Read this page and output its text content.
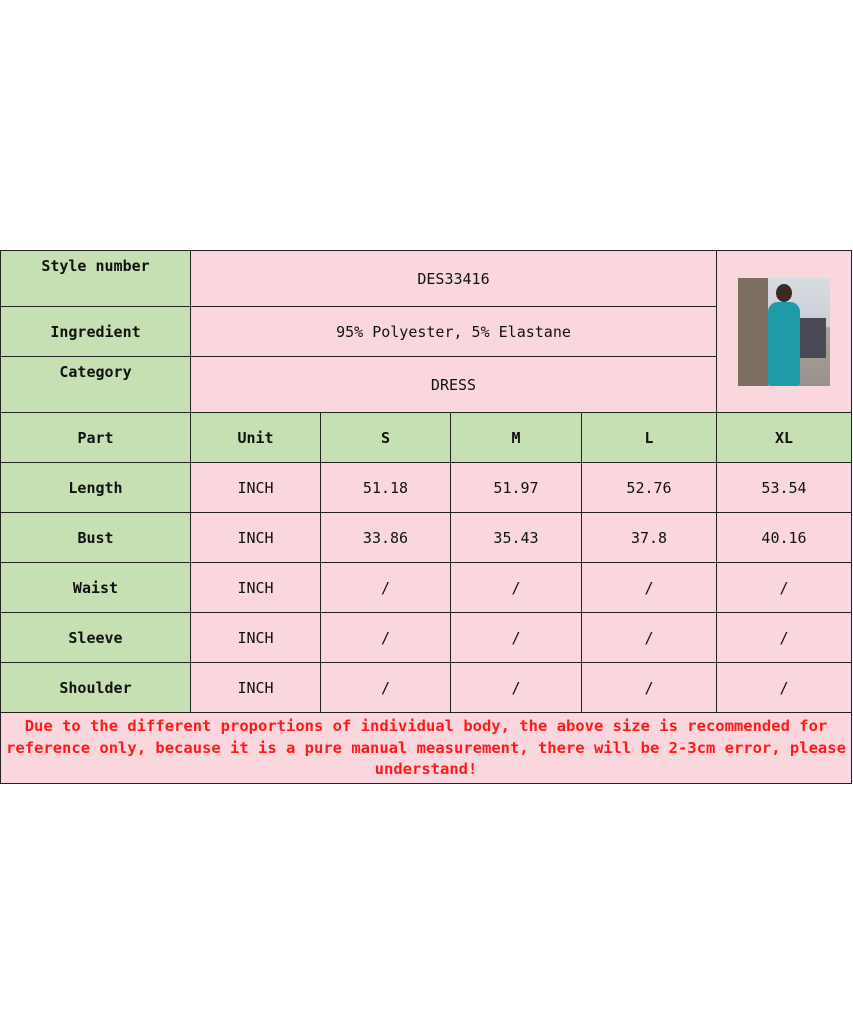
Style number	DES33416				

Ingredient	95% Polyester, 5% Elastane				
Category	DRESS				
Part	Unit	S	M	L	XL
Length	INCH	51.18	51.97	52.76	53.54
Bust	INCH	33.86	35.43	37.8	40.16
Waist	INCH	/	/	/	/
Sleeve	INCH	/	/	/	/
Shoulder	INCH	/	/	/	/
Due to the different proportions of individual body, the above size is recommended for reference only, because it is a pure manual measurement, there will be 2-3cm error, please understand!					
